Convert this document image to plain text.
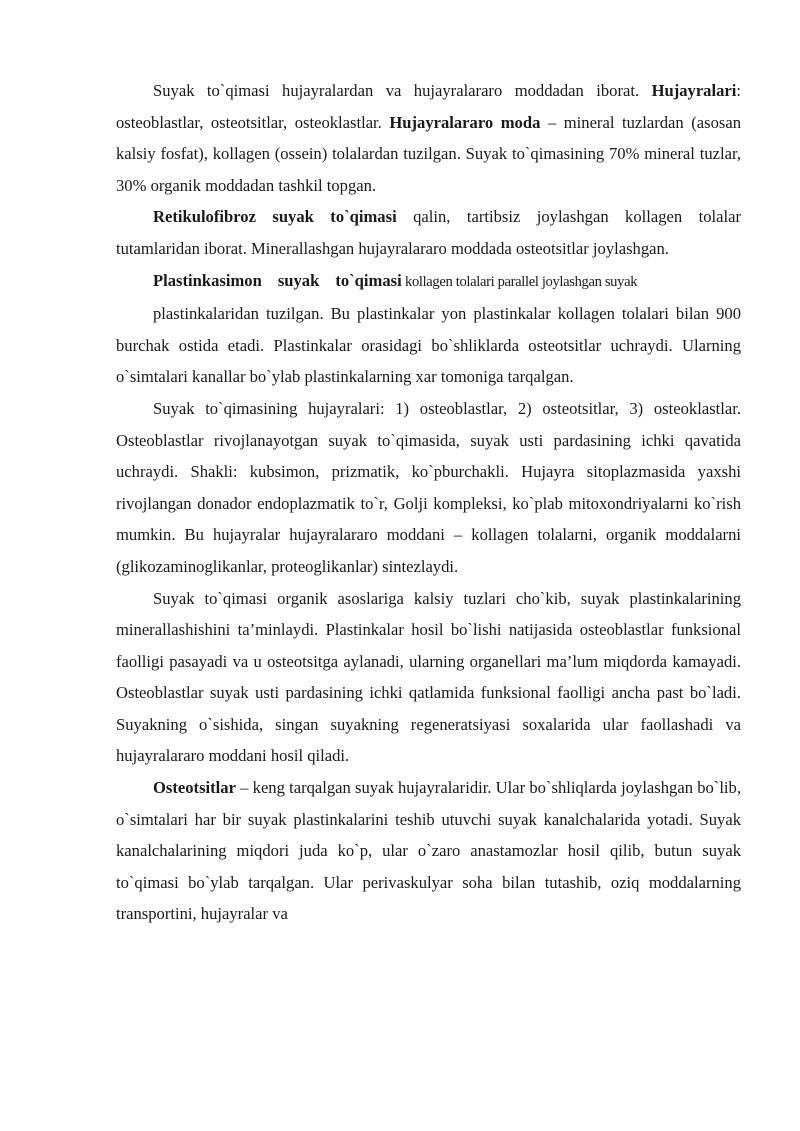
Suyak to`qimasi hujayralardan va hujayralararo moddadan iborat. Hujayralari: osteoblastlar, osteotsitlar, osteoklastlar. Hujayralararo moda – mineral tuzlardan (asosan kalsiy fosfat), kollagen (ossein) tolalardan tuzilgan. Suyak to`qimasining 70% mineral tuzlar, 30% organik moddadan tashkil topgan.

Retikulofibroz suyak to`qimasi qalin, tartibsiz joylashgan kollagen tolalar tutamlaridan iborat. Minerallashgan hujayralararo moddada osteotsitlar joylashgan.

Plastinkasimon suyak to`qimasi kollagen tolalari parallel joylashgan suyak

plastinkalaridan tuzilgan. Bu plastinkalar yon plastinkalar kollagen tolalari bilan 900 burchak ostida etadi. Plastinkalar orasidagi bo`shliklarda osteotsitlar uchraydi. Ularning o`simtalari kanallar bo`ylab plastinkalarning xar tomoniga tarqalgan.

Suyak to`qimasining hujayralari: 1) osteoblastlar, 2) osteotsitlar, 3) osteoklastlar. Osteoblastlar rivojlanayotgan suyak to`qimasida, suyak usti pardasining ichki qavatida uchraydi. Shakli: kubsimon, prizmatik, ko`pburchakli. Hujayra sitoplazmasida yaxshi rivojlangan donador endoplazmatik to`r, Golji kompleksi, ko`plab mitoxondriyalarni ko`rish mumkin. Bu hujayralar hujayralararo moddani – kollagen tolalarni, organik moddalarni (glikozaminoglikanlar, proteoglikanlar) sintezlaydi.

Suyak to`qimasi organik asoslariga kalsiy tuzlari cho`kib, suyak plastinkalarining minerallashishini ta’minlaydi. Plastinkalar hosil bo`lishi natijasida osteoblastlar funksional faolligi pasayadi va u osteotsitga aylanadi, ularning organellari ma’lum miqdorda kamayadi. Osteoblastlar suyak usti pardasining ichki qatlamida funksional faolligi ancha past bo`ladi. Suyakning o`sishida, singan suyakning regeneratsiyasi soxalarida ular faollashadi va hujayralararo moddani hosil qiladi.

Osteotsitlar – keng tarqalgan suyak hujayralaridir. Ular bo`shliqlarda joylashgan bo`lib, o`simtalari har bir suyak plastinkalarini teshib utuvchi suyak kanalchalarida yotadi. Suyak kanalchalarining miqdori juda ko`p, ular o`zaro anastamozlar hosil qilib, butun suyak to`qimasi bo`ylab tarqalgan. Ular perivaskulyar soha bilan tutashib, oziq moddalarning transportini, hujayralar va
